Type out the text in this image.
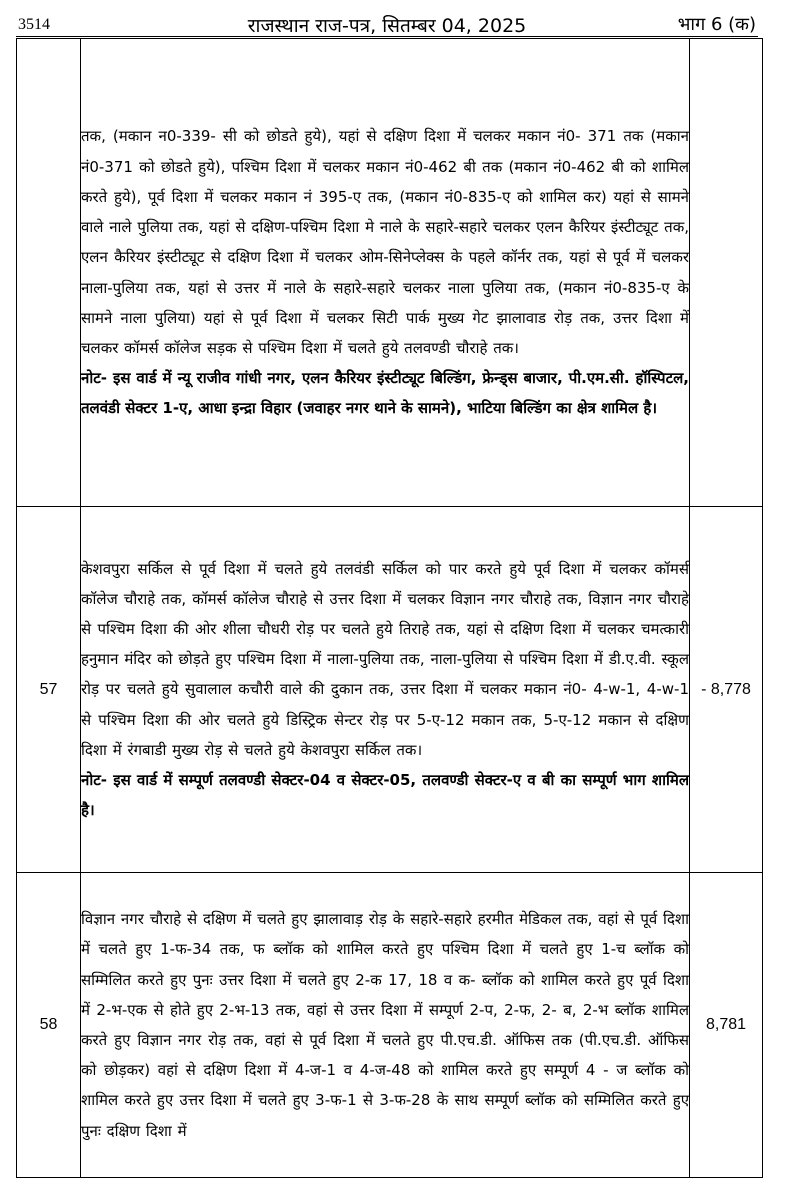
3514	राजस्थान राज-पत्र, सितम्बर 04, 2025	भाग 6 (क)

	तक, (मकान न0-339- सी को छोडते हुये), यहां से दक्षिण दिशा में चलकर मकान नं0- 371 तक (मकान नं0-371 को छोडते हुये), पश्चिम दिशा में चलकर मकान नं0-462 बी तक (मकान नं0-462 बी को शामिल करते हुये), पूर्व दिशा में चलकर मकान नं 395-ए तक, (मकान नं0-835-ए को शामिल कर) यहां से सामने वाले नाले पुलिया तक, यहां से दक्षिण-पश्चिम दिशा मे नाले के सहारे-सहारे चलकर एलन कैरियर इंस्टीट्यूट तक, एलन कैरियर इंस्टीट्यूट से दक्षिण दिशा में चलकर ओम-सिनेप्लेक्स के पहले कॉर्नर तक, यहां से पूर्व में चलकर नाला-पुलिया तक, यहां से उत्तर में नाले के सहारे-सहारे चलकर नाला पुलिया तक, (मकान नं0-835-ए के सामने नाला पुलिया) यहां से पूर्व दिशा में चलकर सिटी पार्क मुख्य गेट झालावाड रोड़ तक, उत्तर दिशा में चलकर कॉमर्स कॉलेज सड़क से पश्चिम दिशा में चलते हुये तलवण्डी चौराहे तक।

नोट- इस वार्ड में न्यू राजीव गांधी नगर, एलन कैरियर इंस्टीट्यूट बिल्डिंग, फ्रेन्ड्स बाजार, पी.एम.सी. हॉस्पिटल, तलवंडी सेक्टर 1-ए, आधा इन्द्रा विहार (जवाहर नगर थाने के सामने), भाटिया बिल्डिंग का क्षेत्र शामिल है।	

57	केशवपुरा सर्किल से पूर्व दिशा में चलते हुये तलवंडी सर्किल को पार करते हुये पूर्व दिशा में चलकर कॉमर्स कॉलेज चौराहे तक, कॉमर्स कॉलेज चौराहे से उत्तर दिशा में चलकर विज्ञान नगर चौराहे तक, विज्ञान नगर चौराहे से पश्चिम दिशा की ओर शीला चौधरी रोड़ पर चलते हुये तिराहे तक, यहां से दक्षिण दिशा में चलकर चमत्कारी हनुमान मंदिर को छोड़ते हुए पश्चिम दिशा में नाला-पुलिया तक, नाला-पुलिया से पश्चिम दिशा में डी.ए.वी. स्कूल रोड़ पर चलते हुये सुवालाल कचौरी वाले की दुकान तक, उत्तर दिशा में चलकर मकान नं0- 4-w-1, 4-w-1 से पश्चिम दिशा की ओर चलते हुये डिस्ट्रिक सेन्टर रोड़ पर 5-ए-12 मकान तक, 5-ए-12 मकान से दक्षिण दिशा में रंगबाडी मुख्य रोड़ से चलते हुये केशवपुरा सर्किल तक।

नोट- इस वार्ड में सम्पूर्ण तलवण्डी सेक्टर-04 व सेक्टर-05, तलवण्डी सेक्टर-ए व बी का सम्पूर्ण भाग शामिल है।	- 8,778
58	विज्ञान नगर चौराहे से दक्षिण में चलते हुए झालावाड़ रोड़ के सहारे-सहारे हरमीत मेडिकल तक, वहां से पूर्व दिशा में चलते हुए 1-फ-34 तक, फ ब्लॉक को शामिल करते हुए पश्चिम दिशा में चलते हुए 1-च ब्लॉक को सम्मिलित करते हुए पुनः उत्तर दिशा में चलते हुए 2-क 17, 18 व क- ब्लॉक को शामिल करते हुए पूर्व दिशा में 2-भ-एक से होते हुए 2-भ-13 तक, वहां से उत्तर दिशा में सम्पूर्ण 2-प, 2-फ, 2- ब, 2-भ ब्लॉक शामिल करते हुए विज्ञान नगर रोड़ तक, वहां से पूर्व दिशा में चलते हुए पी.एच.डी. ऑफिस तक (पी.एच.डी. ऑफिस को छोड़कर) वहां से दक्षिण दिशा में 4-ज-1 व 4-ज-48 को शामिल करते हुए सम्पूर्ण 4 - ज ब्लॉक को शामिल करते हुए उत्तर दिशा में चलते हुए 3-फ-1 से 3-फ-28 के साथ सम्पूर्ण ब्लॉक को सम्मिलित करते हुए पुनः दक्षिण दिशा में	8,781
